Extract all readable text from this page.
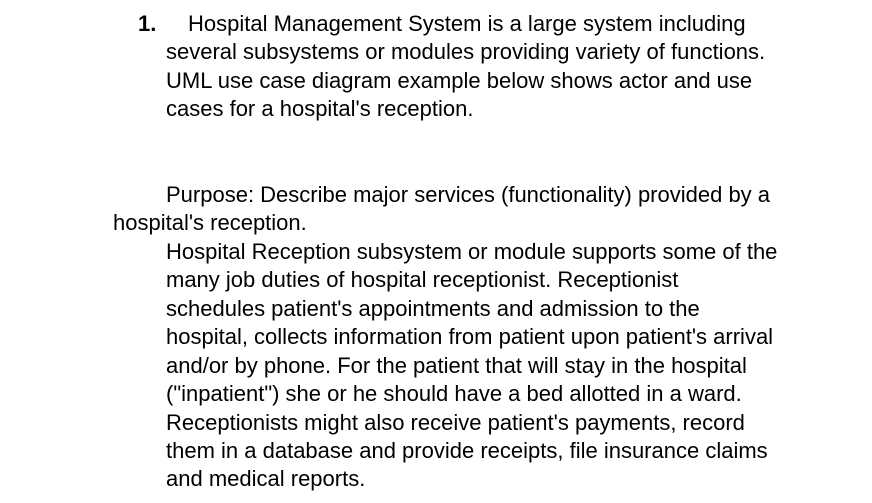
1. Hospital Management System is a large system including
several subsystems or modules providing variety of functions.
UML use case diagram example below shows actor and use
cases for a hospital's reception.
Purpose: Describe major services (functionality) provided by a
hospital's reception.
Hospital Reception subsystem or module supports some of the
many job duties of hospital receptionist. Receptionist
schedules patient's appointments and admission to the
hospital, collects information from patient upon patient's arrival
and/or by phone. For the patient that will stay in the hospital
("inpatient") she or he should have a bed allotted in a ward.
Receptionists might also receive patient's payments, record
them in a database and provide receipts, file insurance claims
and medical reports.
